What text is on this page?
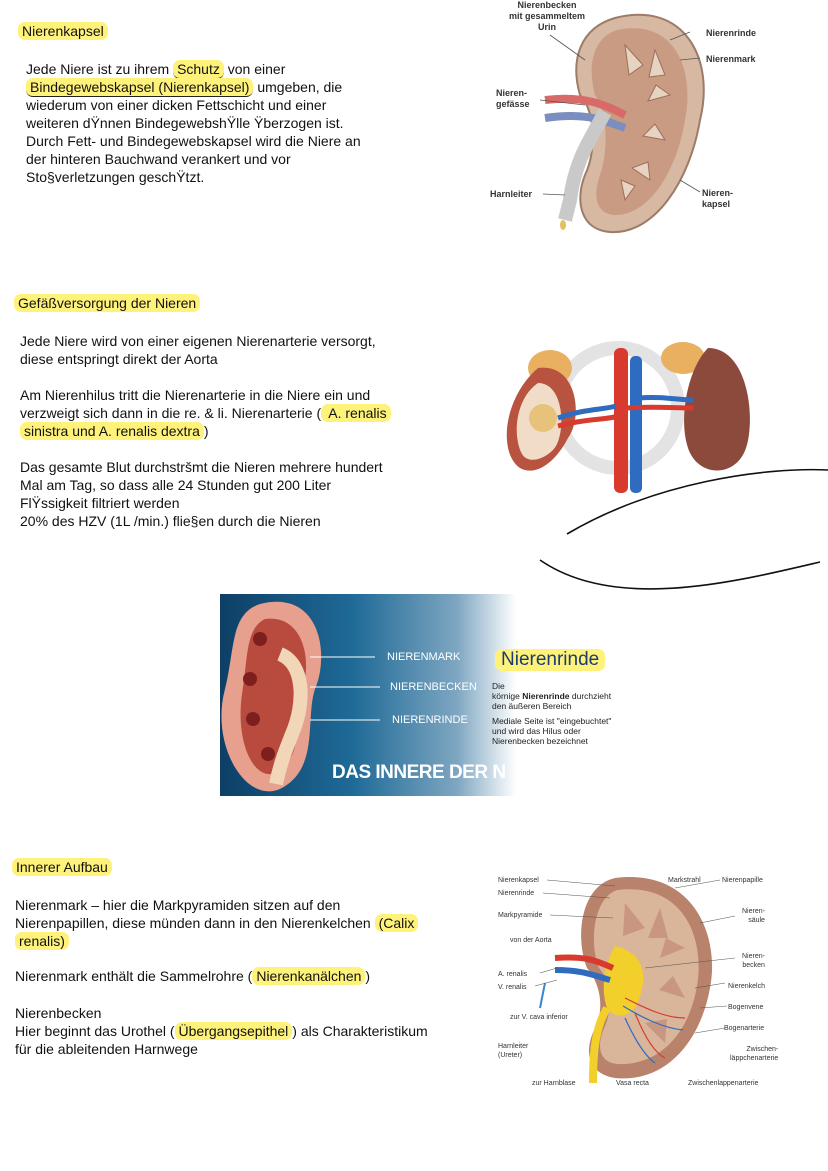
Nierenkapsel
Jede Niere ist zu ihrem Schutz von einer
Bindegewebskapsel (Nierenkapsel) umgeben, die
wiederum von einer dicken Fettschicht und einer
weiteren dŸnnen BindegewebshŸlle Ÿberzogen ist.
Durch Fett- und Bindegewebskapsel wird die Niere an
der hinteren Bauchwand verankert und vor
Sto§verletzungen geschŸtzt.
Nierenbecken
mit gesammeltem
Urin
Nierenrinde
Nierenmark
Nieren-
gefässe
Harnleiter	Nieren-
kapsel
Gefäßversorgung der Nieren
Jede Niere wird von einer eigenen Nierenarterie versorgt,
diese entspringt direkt der Aorta
Am Nierenhilus tritt die Nierenarterie in die Niere ein und
verzweigt sich dann in die re. & li. Nierenarterie ( A. renalis
sinistra und A. renalis dextra )
Das gesamte Blut durchstršmt die Nieren mehrere hundert
Mal am Tag, so dass alle 24 Stunden gut 200 Liter
FlŸssigkeit filtriert werden
20% des HZV (1L /min.) flie§en durch die Nieren
NIERENMARK
NIERENBECKEN
NIERENRINDE
DAS INNERE DER N
Nierenrinde
Die
körnige Nierenrinde durchzieht
den äußeren Bereich
Mediale Seite ist "eingebuchtet"
und wird das Hilus oder
Nierenbecken bezeichnet
Innerer Aufbau
Nierenmark – hier die Markpyramiden sitzen auf den
Nierenpapillen, diese münden dann in den Nierenkelchen (Calix
renalis)
Nierenmark enthält die Sammelrohre ( Nierenkanälchen )
Nierenbecken
Hier beginnt das Urothel ( Übergangsepithel ) als Charakteristikum
für die ableitenden Harnwege
Nierenkapsel
Nierenrinde
Markpyramide
von der Aorta
A. renalis
V. renalis
zur V. cava inferior
Harnleiter
(Ureter)
zur Harnblase	Vasa recta	Zwischenlappenarterie
Markstrahl	Nierenpapille
Nieren-
säule
Nieren-
becken
Nierenkelch
Bogenvene
Bogenarterie
Zwischen-
läppchenarterie
